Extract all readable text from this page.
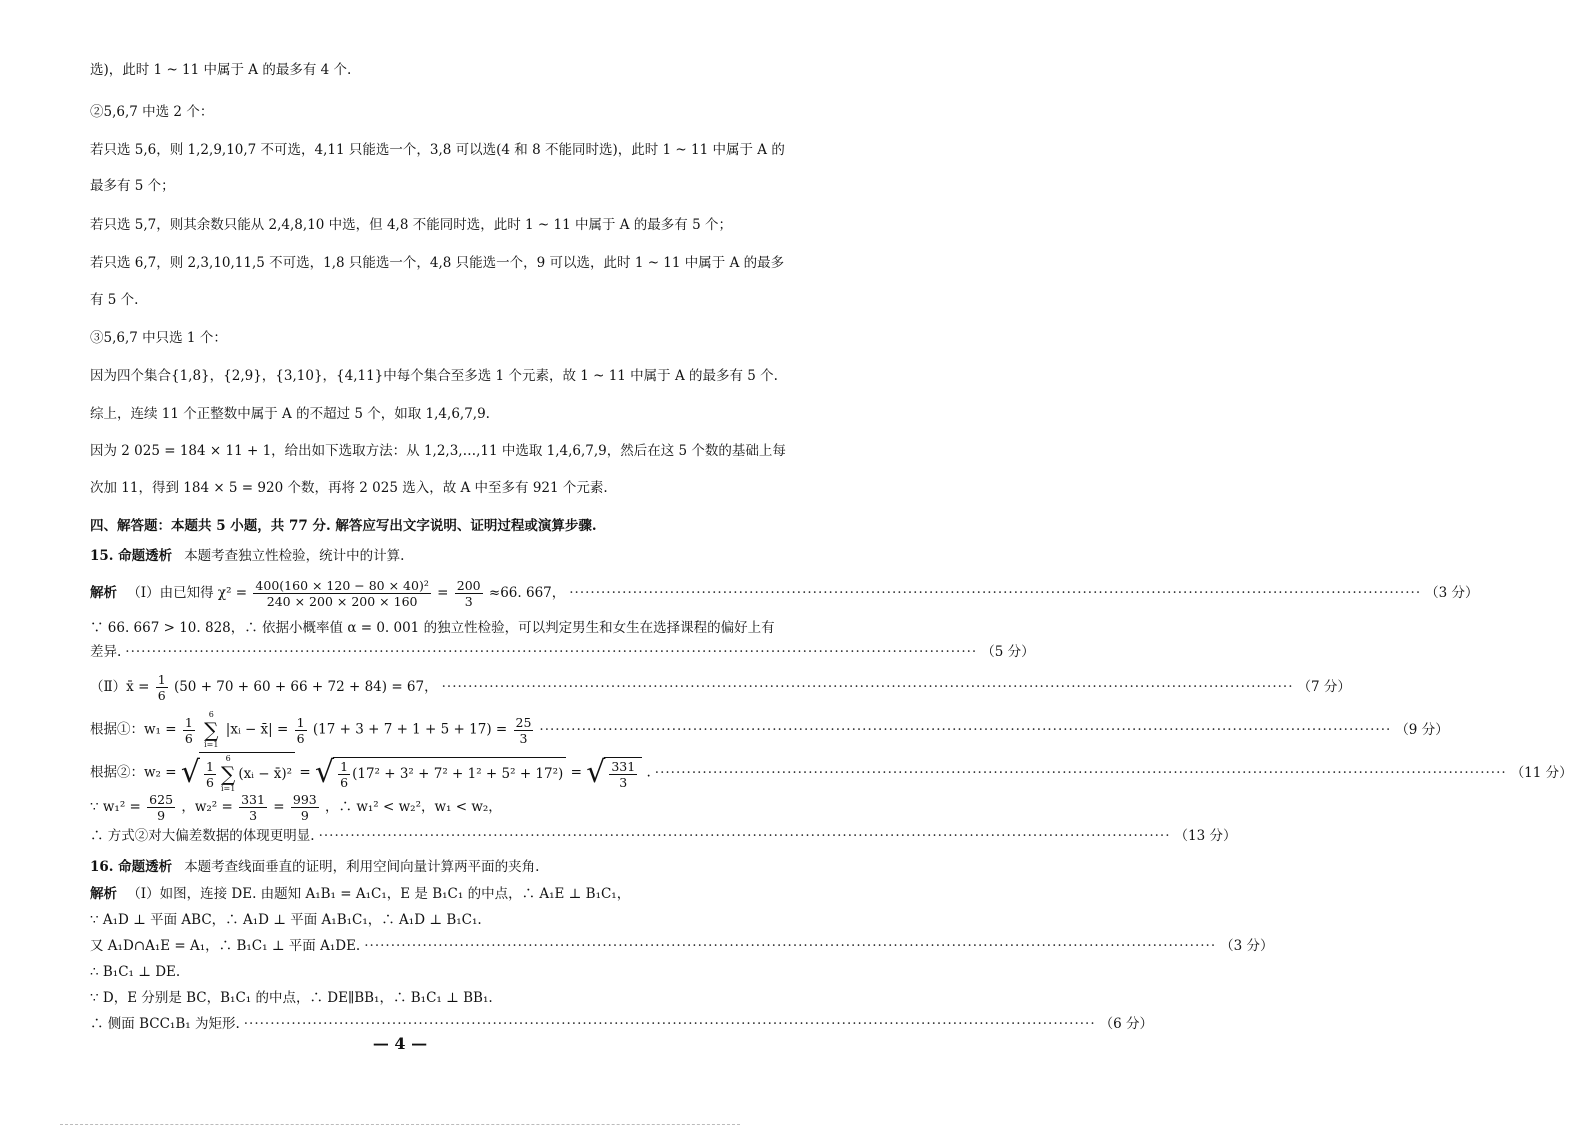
选)，此时 1 ~ 11 中属于 A 的最多有 4 个.
②5,6,7 中选 2 个：
若只选 5,6，则 1,2,9,10,7 不可选，4,11 只能选一个，3,8 可以选(4 和 8 不能同时选)，此时 1 ~ 11 中属于 A 的
最多有 5 个；
若只选 5,7，则其余数只能从 2,4,8,10 中选，但 4,8 不能同时选，此时 1 ~ 11 中属于 A 的最多有 5 个；
若只选 6,7，则 2,3,10,11,5 不可选，1,8 只能选一个，4,8 只能选一个，9 可以选，此时 1 ~ 11 中属于 A 的最多
有 5 个.
③5,6,7 中只选 1 个：
因为四个集合{1,8}，{2,9}，{3,10}，{4,11}中每个集合至多选 1 个元素，故 1 ~ 11 中属于 A 的最多有 5 个.
综上，连续 11 个正整数中属于 A 的不超过 5 个，如取 1,4,6,7,9.
因为 2 025 = 184 × 11 + 1，给出如下选取方法：从 1,2,3,…,11 中选取 1,4,6,7,9，然后在这 5 个数的基础上每
次加 11，得到 184 × 5 = 920 个数，再将 2 025 选入，故 A 中至多有 921 个元素.
四、解答题：本题共 5 小题，共 77 分. 解答应写出文字说明、证明过程或演算步骤.
15. 命题透析 本题考查独立性检验，统计中的计算.
解析 （Ⅰ）由已知得 $\chi^2 = \frac{\text{400(160 × 120 − 80 × 40)²}}{240 \times 200 \times 200 \times 160} = \frac{200}{3} \approx 66$. 667， ·····	（3 分）
∵ 66. 667 > 10. 828，∴ 依据小概率值 α = 0. 001 的独立性检验，可以判定男生和女生在选择课程的偏好上有
差异. ·····	（5 分）
（Ⅱ）x̄ = $\frac{1}{6} (50 + 70 + 60 + 66 + 72 + 84) = 67$， ·····	（7 分）
根据①：$w_1 = \frac{1}{6}$
6
∑
i=1
|xᵢ − x̄| = $\frac{1}{6} (17 + 3 + 7 + 1 + 5 + 17) = \frac{25}{3}$ ·····	（9 分）
根据②：w₂ = √ $\frac{1}{6} 6$
∑
i=1
(xᵢ − x̄)² = √ $\frac{1}{6} (17^2 + 3^2 + 7^2 + 1^2 + 5^2 + 17^2)$ = √ $\frac{331}{3}$ . ·····	（11 分）
∵ $w_1^2 = \frac{625}{9}$ ，$w_2^2 = \frac{331}{3} = \frac{993}{9}$ ，∴ w₁² < w₂²，w₁ < w₂，
∴ 方式②对大偏差数据的体现更明显. ·····	（13 分）
16. 命题透析 本题考查线面垂直的证明，利用空间向量计算两平面的夹角.
解析 （Ⅰ）如图，连接 DE. 由题知 A₁B₁ = A₁C₁，E 是 B₁C₁ 的中点，∴ A₁E ⊥ B₁C₁，
∵ A₁D ⊥ 平面 ABC，∴ A₁D ⊥ 平面 A₁B₁C₁，∴ A₁D ⊥ B₁C₁.
又 A₁D∩A₁E = A₁，∴ B₁C₁ ⊥ 平面 A₁DE. ·····	（3 分）
∴ B₁C₁ ⊥ DE.
∵ D，E 分别是 BC，B₁C₁ 的中点，∴ DE∥BB₁，∴ B₁C₁ ⊥ BB₁.
∴ 侧面 BCC₁B₁ 为矩形. ·····	（6 分）
— 4 —
